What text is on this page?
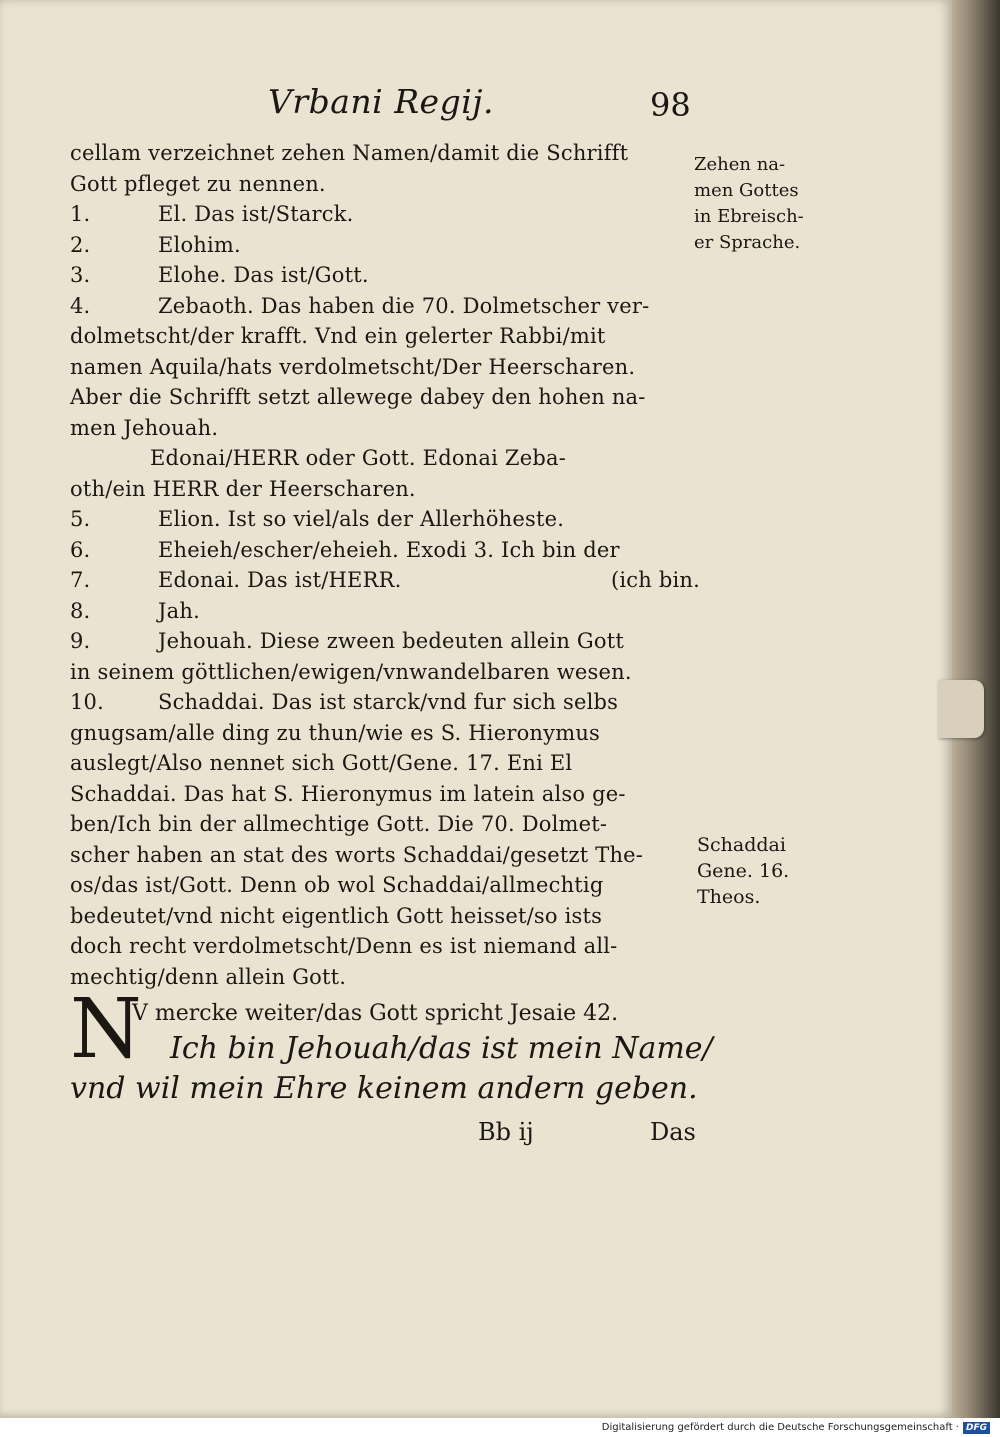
Vrbani Regij.	98
cellam verzeichnet zehen Namen/damit die Schrifft
Gott pfleget zu nennen.
1.	El. Das ist/Starck.
2.	Elohim.
3.	Elohe. Das ist/Gott.
4.	Zebaoth. Das haben die 70. Dolmetscher ver-
dolmetscht/der krafft. Vnd ein gelerter Rabbi/mit
namen Aquila/hats verdolmetscht/Der Heerscharen.
Aber die Schrifft setzt allewege dabey den hohen na-
men Jehouah.
Edonai/HERR oder Gott. Edonai Zeba-
oth/ein HERR der Heerscharen.
5.	Elion. Ist so viel/als der Allerhöheste.
6.	Eheieh/escher/eheieh. Exodi 3. Ich bin der
7.	Edonai. Das ist/HERR.	(ich bin.
8.	Jah.
9.	Jehouah. Diese zween bedeuten allein Gott
in seinem göttlichen/ewigen/vnwandelbaren wesen.
10.	Schaddai. Das ist starck/vnd fur sich selbs
gnugsam/alle ding zu thun/wie es S. Hieronymus
auslegt/Also nennet sich Gott/Gene. 17. Eni El
Schaddai. Das hat S. Hieronymus im latein also ge-
ben/Ich bin der allmechtige Gott. Die 70. Dolmet-
scher haben an stat des worts Schaddai/gesetzt The-
os/das ist/Gott. Denn ob wol Schaddai/allmechtig
bedeutet/vnd nicht eigentlich Gott heisset/so ists
doch recht verdolmetscht/Denn es ist niemand all-
mechtig/denn allein Gott.
Zehen na-
men Gottes
in Ebreisch-
er Sprache.
Schaddai
Gene. 16.
Theos.
N
V mercke weiter/das Gott spricht Jesaie 42.
Ich bin Jehouah/das ist mein Name/
vnd wil mein Ehre keinem andern geben.
Bb ij	Das
Digitalisierung gefördert durch die Deutsche Forschungsgemeinschaft · DFG
